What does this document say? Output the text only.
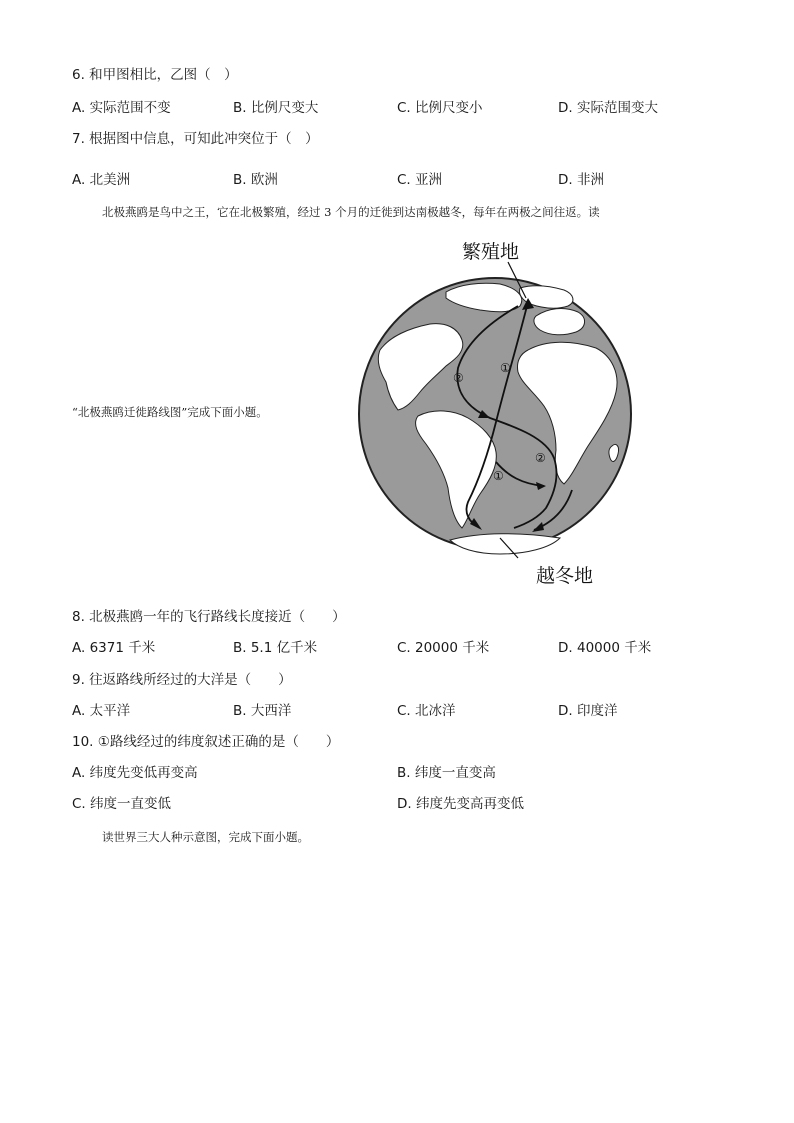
6. 和甲图相比，乙图（　）
A. 实际范围不变	B. 比例尺变大	C. 比例尺变小	D. 实际范围变大
7. 根据图中信息，可知此冲突位于（　）
A. 北美洲	B. 欧洲	C. 亚洲	D. 非洲
北极燕鸥是鸟中之王，它在北极繁殖，经过 3 个月的迁徙到达南极越冬，每年在两极之间往返。读
“北极燕鸥迁徙路线图”完成下面小题。
繁殖地
越冬地
①
②
①
②
8. 北极燕鸥一年的飞行路线长度接近（　　）
A. 6371 千米	B. 5.1 亿千米	C. 20000 千米	D. 40000 千米
9. 往返路线所经过的大洋是（　　）
A. 太平洋	B. 大西洋	C. 北冰洋	D. 印度洋
10. ①路线经过的纬度叙述正确的是（　　）
A. 纬度先变低再变高	B. 纬度一直变高
C. 纬度一直变低	D. 纬度先变高再变低
读世界三大人种示意图，完成下面小题。
